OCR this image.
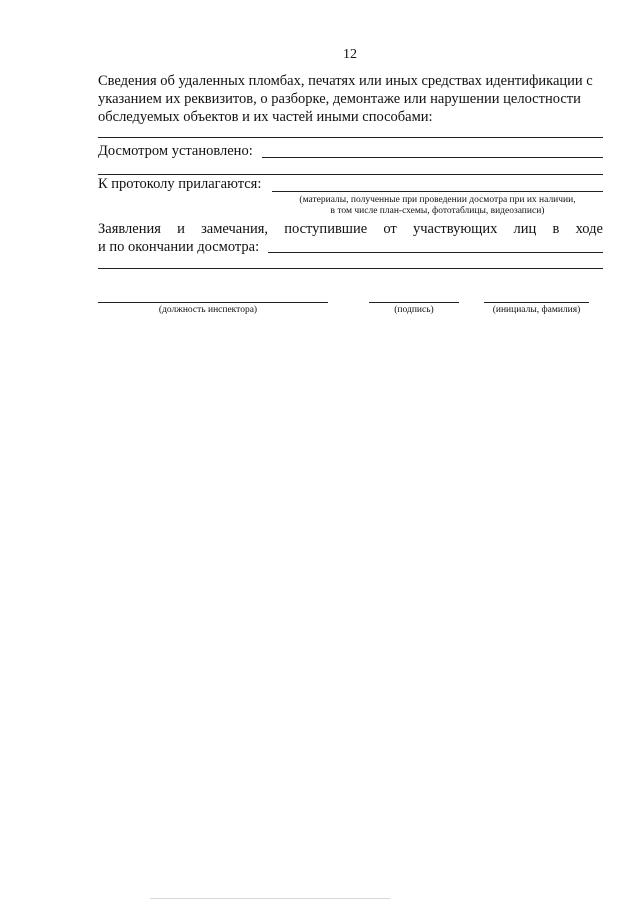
12
Сведения об удаленных пломбах, печатях или иных средствах идентификации с указанием их реквизитов, о разборке, демонтаже или нарушении целостности обследуемых объектов и их частей иными способами:
Досмотром установлено:
К протоколу прилагаются:
(материалы, полученные при проведении досмотра при их наличии,
в том числе план-схемы, фототаблицы, видеозаписи)
Заявления и замечания, поступившие от участвующих лиц в ходе
и по окончании досмотра:
(должность инспектора)	(подпись)	(инициалы, фамилия)
